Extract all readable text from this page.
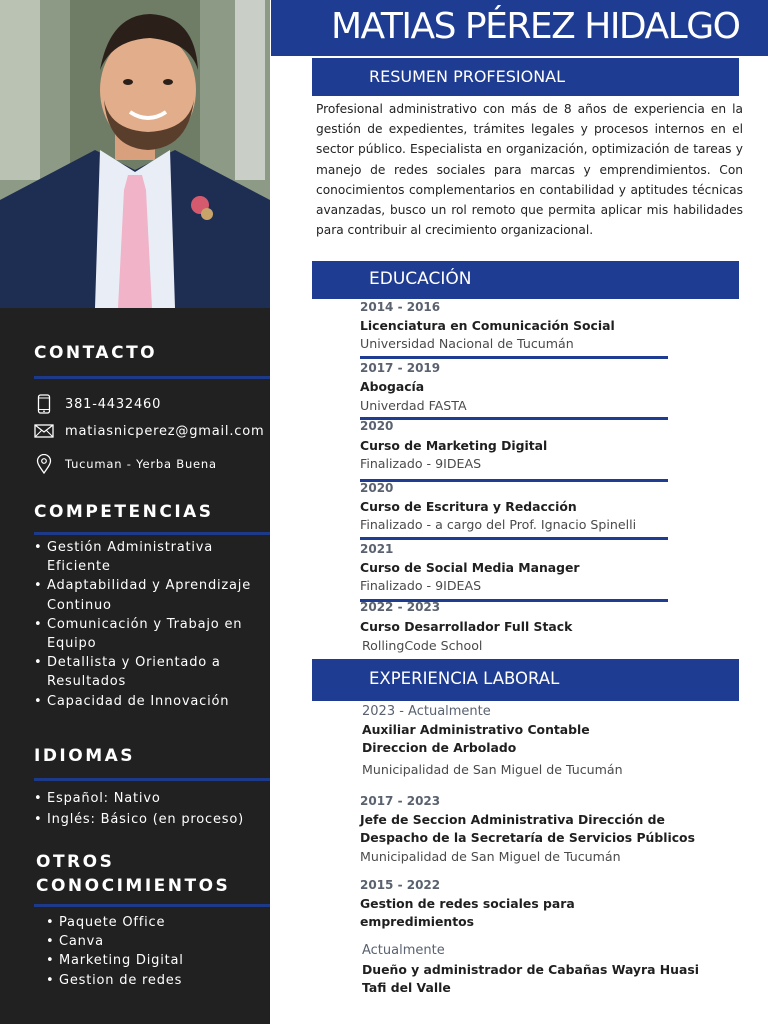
CONTACTO
381-4432460
matiasnicperez@gmail.com
Tucuman - Yerba Buena
COMPETENCIAS
• Gestión Administrativa Eficiente
• Adaptabilidad y Aprendizaje Continuo
• Comunicación y Trabajo en Equipo
• Detallista y Orientado a Resultados
• Capacidad de Innovación
IDIOMAS
• Español: Nativo
• Inglés: Básico (en proceso)
OTROS CONOCIMIENTOS
• Paquete Office
• Canva
• Marketing Digital
• Gestion de redes
MATIAS PÉREZ HIDALGO
RESUMEN PROFESIONAL

Profesional administrativo con más de 8 años de experiencia en la gestión de expedientes, trámites legales y procesos internos en el sector público. Especialista en organización, optimización de tareas y manejo de redes sociales para marcas y emprendimientos. Con conocimientos complementarios en contabilidad y aptitudes técnicas avanzadas, busco un rol remoto que permita aplicar mis habilidades para contribuir al crecimiento organizacional.

EDUCACIÓN
2014 - 2016
Licenciatura en Comunicación Social
Universidad Nacional de Tucumán
2017 - 2019
Abogacía
Univerdad FASTA
2020
Curso de Marketing Digital
Finalizado - 9IDEAS
2020
Curso de Escritura y Redacción
Finalizado - a cargo del Prof. Ignacio Spinelli
2021
Curso de Social Media Manager
Finalizado - 9IDEAS
2022 - 2023
Curso Desarrollador Full Stack
RollingCode School
EXPERIENCIA LABORAL
2023 - Actualmente
Auxiliar Administrativo Contable
Direccion de Arbolado
Municipalidad de San Miguel de Tucumán
2017 - 2023
Jefe de Seccion Administrativa Dirección de
Despacho de la Secretaría de Servicios Públicos
Municipalidad de San Miguel de Tucumán
2015 - 2022
Gestion de redes sociales para
empredimientos
Actualmente
Dueño y administrador de Cabañas Wayra Huasi
Tafi del Valle
